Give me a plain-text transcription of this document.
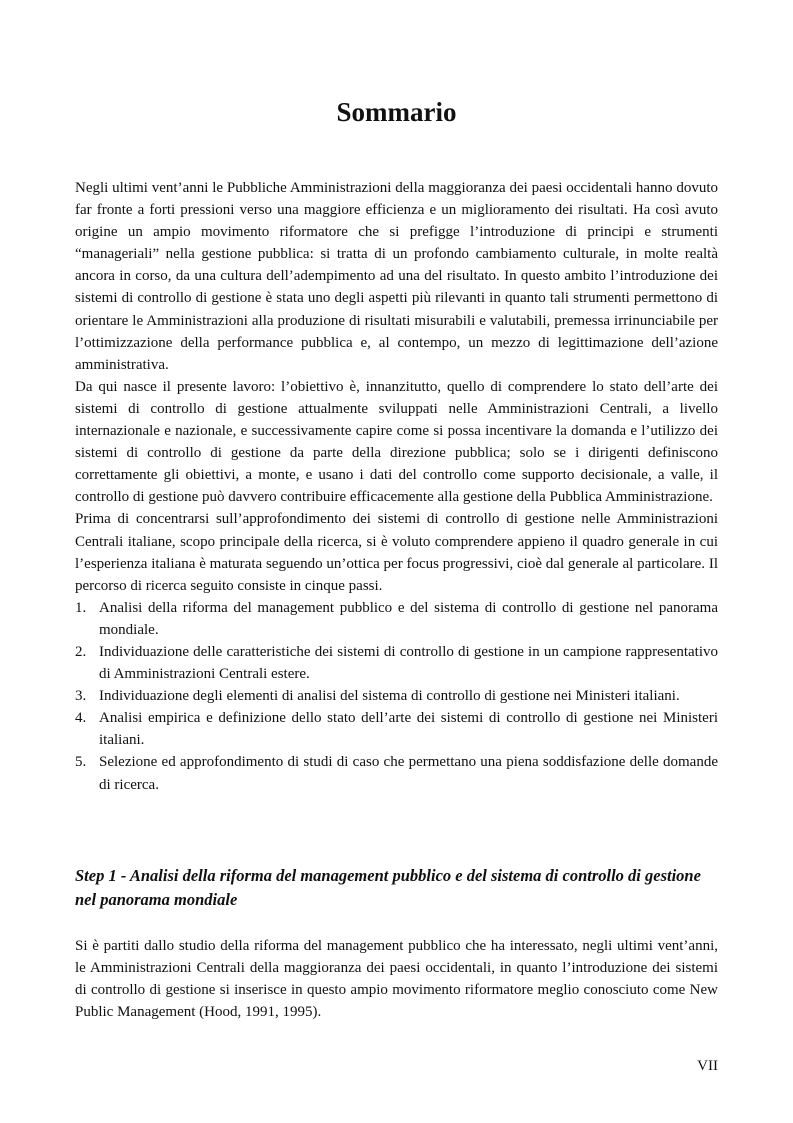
Sommario

Negli ultimi vent’anni le Pubbliche Amministrazioni della maggioranza dei paesi occidentali hanno dovuto far fronte a forti pressioni verso una maggiore efficienza e un miglioramento dei risultati. Ha così avuto origine un ampio movimento riformatore che si prefigge l’introduzione di principi e strumenti “manageriali” nella gestione pubblica: si tratta di un profondo cambiamento culturale, in molte realtà ancora in corso, da una cultura dell’adempimento ad una del risultato. In questo ambito l’introduzione dei sistemi di controllo di gestione è stata uno degli aspetti più rilevanti in quanto tali strumenti permettono di orientare le Amministrazioni alla produzione di risultati misurabili e valutabili, premessa irrinunciabile per l’ottimizzazione della performance pubblica e, al contempo, un mezzo di legittimazione dell’azione amministrativa.

Da qui nasce il presente lavoro: l’obiettivo è, innanzitutto, quello di comprendere lo stato dell’arte dei sistemi di controllo di gestione attualmente sviluppati nelle Amministrazioni Centrali, a livello internazionale e nazionale, e successivamente capire come si possa incentivare la domanda e l’utilizzo dei sistemi di controllo di gestione da parte della direzione pubblica; solo se i dirigenti definiscono correttamente gli obiettivi, a monte, e usano i dati del controllo come supporto decisionale, a valle, il controllo di gestione può davvero contribuire efficacemente alla gestione della Pubblica Amministrazione.

Prima di concentrarsi sull’approfondimento dei sistemi di controllo di gestione nelle Amministrazioni Centrali italiane, scopo principale della ricerca, si è voluto comprendere appieno il quadro generale in cui l’esperienza italiana è maturata seguendo un’ottica per focus progressivi, cioè dal generale al particolare. Il percorso di ricerca seguito consiste in cinque passi.

1. Analisi della riforma del management pubblico e del sistema di controllo di gestione nel panorama mondiale.
2. Individuazione delle caratteristiche dei sistemi di controllo di gestione in un campione rappresentativo di Amministrazioni Centrali estere.
3. Individuazione degli elementi di analisi del sistema di controllo di gestione nei Ministeri italiani.
4. Analisi empirica e definizione dello stato dell’arte dei sistemi di controllo di gestione nei Ministeri italiani.
5. Selezione ed approfondimento di studi di caso che permettano una piena soddisfazione delle domande di ricerca.
Step 1 - Analisi della riforma del management pubblico e del sistema di controllo di gestione nel panorama mondiale

Si è partiti dallo studio della riforma del management pubblico che ha interessato, negli ultimi vent’anni, le Amministrazioni Centrali della maggioranza dei paesi occidentali, in quanto l’introduzione dei sistemi di controllo di gestione si inserisce in questo ampio movimento riformatore meglio conosciuto come New Public Management (Hood, 1991, 1995).

VII
